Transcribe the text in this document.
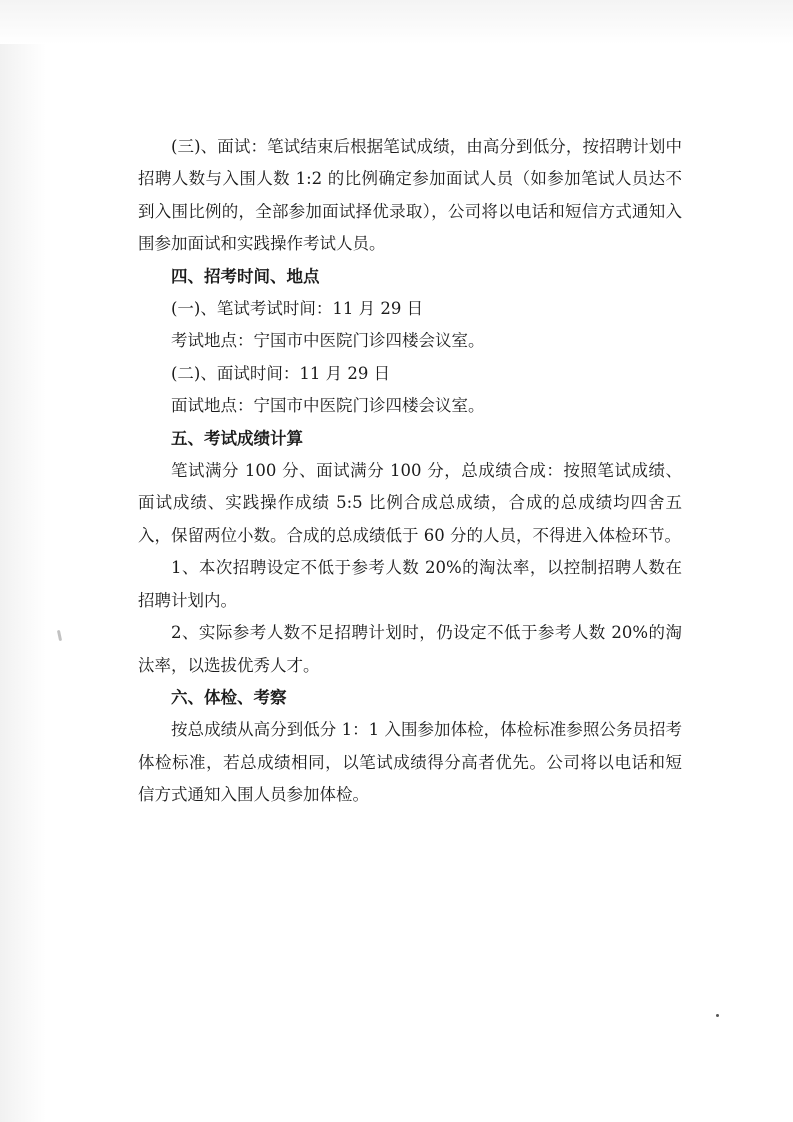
(三)、面试：笔试结束后根据笔试成绩，由高分到低分，按招聘计划中招聘人数与入围人数 1:2 的比例确定参加面试人员（如参加笔试人员达不到入围比例的，全部参加面试择优录取），公司将以电话和短信方式通知入围参加面试和实践操作考试人员。

四、招考时间、地点

(一)、笔试考试时间：11 月 29 日

考试地点：宁国市中医院门诊四楼会议室。

(二)、面试时间：11 月 29 日

面试地点：宁国市中医院门诊四楼会议室。

五、考试成绩计算

笔试满分 100 分、面试满分 100 分，总成绩合成：按照笔试成绩、面试成绩、实践操作成绩 5:5 比例合成总成绩，合成的总成绩均四舍五入，保留两位小数。合成的总成绩低于 60 分的人员，不得进入体检环节。

1、本次招聘设定不低于参考人数 20%的淘汰率，以控制招聘人数在招聘计划内。

2、实际参考人数不足招聘计划时，仍设定不低于参考人数 20%的淘汰率，以选拔优秀人才。

六、体检、考察

按总成绩从高分到低分 1：1 入围参加体检，体检标准参照公务员招考体检标准，若总成绩相同，以笔试成绩得分高者优先。公司将以电话和短信方式通知入围人员参加体检。
